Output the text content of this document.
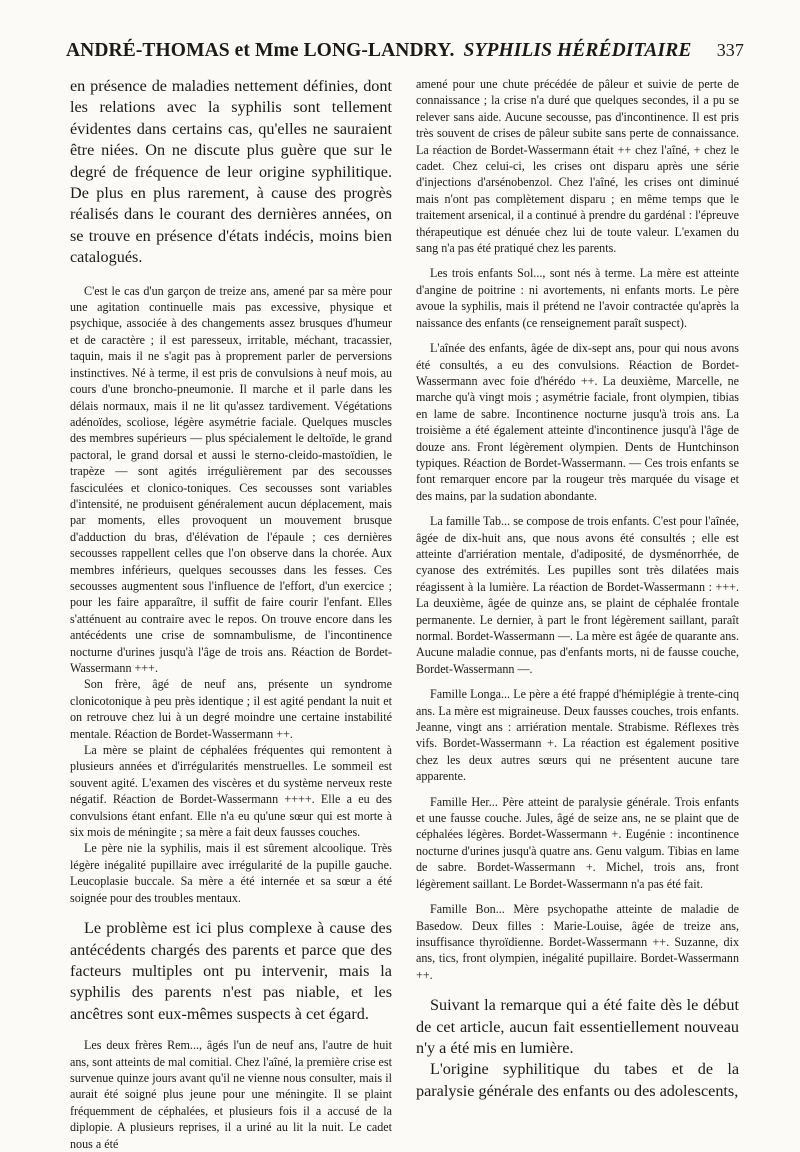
ANDRÉ-THOMAS et Mme LONG-LANDRY. SYPHILIS HÉRÉDITAIRE 337

en présence de maladies nettement définies, dont les relations avec la syphilis sont tellement évidentes dans certains cas, qu'elles ne sauraient être niées. On ne discute plus guère que sur le degré de fréquence de leur origine syphilitique. De plus en plus rarement, à cause des progrès réalisés dans le courant des dernières années, on se trouve en présence d'états indécis, moins bien catalogués.

C'est le cas d'un garçon de treize ans, amené par sa mère pour une agitation continuelle mais pas excessive, physique et psychique, associée à des changements assez brusques d'humeur et de caractère ; il est paresseux, irritable, méchant, tracassier, taquin, mais il ne s'agit pas à proprement parler de perversions instinctives. Né à terme, il est pris de convulsions à neuf mois, au cours d'une broncho-pneumonie. Il marche et il parle dans les délais normaux, mais il ne lit qu'assez tardivement. Végétations adénoïdes, scoliose, légère asymétrie faciale. Quelques muscles des membres supérieurs — plus spécialement le deltoïde, le grand pactoral, le grand dorsal et aussi le sterno-cleido-mastoïdien, le trapèze — sont agités irrégulièrement par des secousses fasciculées et clonico-toniques. Ces secousses sont variables d'intensité, ne produisent généralement aucun déplacement, mais par moments, elles provoquent un mouvement brusque d'adduction du bras, d'élévation de l'épaule ; ces dernières secousses rappellent celles que l'on observe dans la chorée. Aux membres inférieurs, quelques secousses dans les fesses. Ces secousses augmentent sous l'influence de l'effort, d'un exercice ; pour les faire apparaître, il suffit de faire courir l'enfant. Elles s'atténuent au contraire avec le repos. On trouve encore dans les antécédents une crise de somnambulisme, de l'incontinence nocturne d'urines jusqu'à l'âge de trois ans. Réaction de Bordet-Wassermann +++.

Son frère, âgé de neuf ans, présente un syndrome clonicotonique à peu près identique ; il est agité pendant la nuit et on retrouve chez lui à un degré moindre une certaine instabilité mentale. Réaction de Bordet-Wassermann ++.

La mère se plaint de céphalées fréquentes qui remontent à plusieurs années et d'irrégularités menstruelles. Le sommeil est souvent agité. L'examen des viscères et du système nerveux reste négatif. Réaction de Bordet-Wassermann ++++. Elle a eu des convulsions étant enfant. Elle n'a eu qu'une sœur qui est morte à six mois de méningite ; sa mère a fait deux fausses couches.

Le père nie la syphilis, mais il est sûrement alcoolique. Très légère inégalité pupillaire avec irrégularité de la pupille gauche. Leucoplasie buccale. Sa mère a été internée et sa sœur a été soignée pour des troubles mentaux.

Le problème est ici plus complexe à cause des antécédents chargés des parents et parce que des facteurs multiples ont pu intervenir, mais la syphilis des parents n'est pas niable, et les ancêtres sont eux-mêmes suspects à cet égard.

Les deux frères Rem..., âgés l'un de neuf ans, l'autre de huit ans, sont atteints de mal comitial. Chez l'aîné, la première crise est survenue quinze jours avant qu'il ne vienne nous consulter, mais il aurait été soigné plus jeune pour une méningite. Il se plaint fréquemment de céphalées, et plusieurs fois il a accusé de la diplopie. A plusieurs reprises, il a uriné au lit la nuit. Le cadet nous a été

amené pour une chute précédée de pâleur et suivie de perte de connaissance ; la crise n'a duré que quelques secondes, il a pu se relever sans aide. Aucune secousse, pas d'incontinence. Il est pris très souvent de crises de pâleur subite sans perte de connaissance. La réaction de Bordet-Wassermann était ++ chez l'aîné, + chez le cadet. Chez celui-ci, les crises ont disparu après une série d'injections d'arsénobenzol. Chez l'aîné, les crises ont diminué mais n'ont pas complètement disparu ; en même temps que le traitement arsenical, il a continué à prendre du gardénal : l'épreuve thérapeutique est dénuée chez lui de toute valeur. L'examen du sang n'a pas été pratiqué chez les parents.

Les trois enfants Sol..., sont nés à terme. La mère est atteinte d'angine de poitrine : ni avortements, ni enfants morts. Le père avoue la syphilis, mais il prétend ne l'avoir contractée qu'après la naissance des enfants (ce renseignement paraît suspect).

L'aînée des enfants, âgée de dix-sept ans, pour qui nous avons été consultés, a eu des convulsions. Réaction de Bordet-Wassermann avec foie d'hérédo ++. La deuxième, Marcelle, ne marche qu'à vingt mois ; asymétrie faciale, front olympien, tibias en lame de sabre. Incontinence nocturne jusqu'à trois ans. La troisième a été également atteinte d'incontinence jusqu'à l'âge de douze ans. Front légèrement olympien. Dents de Huntchinson typiques. Réaction de Bordet-Wassermann. — Ces trois enfants se font remarquer encore par la rougeur très marquée du visage et des mains, par la sudation abondante.

La famille Tab... se compose de trois enfants. C'est pour l'aînée, âgée de dix-huit ans, que nous avons été consultés ; elle est atteinte d'arriération mentale, d'adiposité, de dysménorrhée, de cyanose des extrémités. Les pupilles sont très dilatées mais réagissent à la lumière. La réaction de Bordet-Wassermann : +++. La deuxième, âgée de quinze ans, se plaint de céphalée frontale permanente. Le dernier, à part le front légèrement saillant, paraît normal. Bordet-Wassermann —. La mère est âgée de quarante ans. Aucune maladie connue, pas d'enfants morts, ni de fausse couche, Bordet-Wassermann —.

Famille Longa... Le père a été frappé d'hémiplégie à trente-cinq ans. La mère est migraineuse. Deux fausses couches, trois enfants. Jeanne, vingt ans : arriération mentale. Strabisme. Réflexes très vifs. Bordet-Wassermann +. La réaction est également positive chez les deux autres sœurs qui ne présentent aucune tare apparente.

Famille Her... Père atteint de paralysie générale. Trois enfants et une fausse couche. Jules, âgé de seize ans, ne se plaint que de céphalées légères. Bordet-Wassermann +. Eugénie : incontinence nocturne d'urines jusqu'à quatre ans. Genu valgum. Tibias en lame de sabre. Bordet-Wassermann +. Michel, trois ans, front légèrement saillant. Le Bordet-Wassermann n'a pas été fait.

Famille Bon... Mère psychopathe atteinte de maladie de Basedow. Deux filles : Marie-Louise, âgée de treize ans, insuffisance thyroïdienne. Bordet-Wassermann ++. Suzanne, dix ans, tics, front olympien, inégalité pupillaire. Bordet-Wassermann ++.

Suivant la remarque qui a été faite dès le début de cet article, aucun fait essentiellement nouveau n'y a été mis en lumière.

L'origine syphilitique du tabes et de la paralysie générale des enfants ou des adolescents,
